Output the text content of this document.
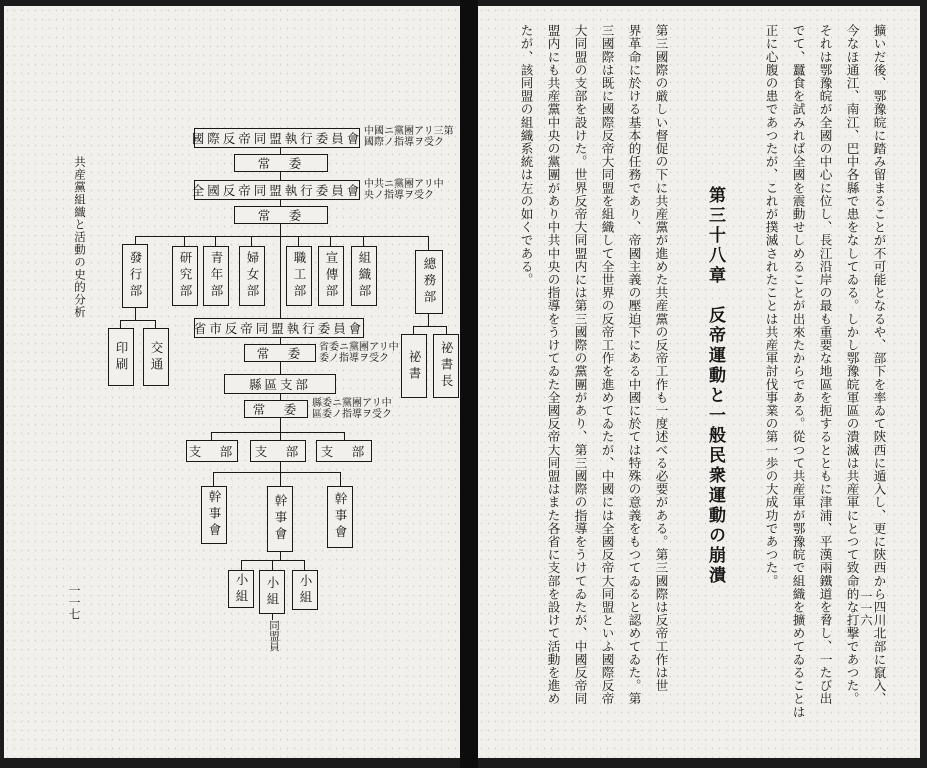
共産黨組織と活動の史的分析
一一七
國際反帝同盟執行委員會 中國ニ黨團アリ三第
國際ノ指導ヲ受ク
常　委
全國反帝同盟執行委員會 中共ニ黨團アリ中
央ノ指導ヲ受ク
常　委
發行部	研究部	青年部	婦女部	職工部	宣傳部	組織部	總務部
印刷	交通	祕書	祕書長
省市反帝同盟執行委員會
常　委	省委ニ黨團アリ中
委ノ指導ヲ受ク
縣區支部
常　委	縣委ニ黨團アリ中
區委ノ指導ヲ受ク
支　部	支　部	支　部
幹事會	幹事會	幹事會
小組	小組	小組
同盟員
一一六
擴いだ後、鄂豫皖に踏み留まることが不可能となるや、部下を率ゐて陝西に遁入し、更に陝西から四川北部に竄入、
今なほ通江、南江、巴中各縣で患をなしてゐる。しかし鄂豫皖軍區の潰滅は共産軍にとつて致命的な打撃であつた。
それは鄂豫皖が全國の中心に位し、長江沿岸の最も重要な地區を扼するとともに津浦、平漢兩鐵道を脅し、一たび出
でて、蠶食を試みれば全國を震動せしめることが出來たからである。從つて共産軍が鄂豫皖で組織を擴めてゐることは
正に心腹の患であつたが、これが撲滅されたことは共産軍討伐事業の第一歩の大成功であつた。
第三十八章　反帝運動と一般民衆運動の崩潰
第三國際の厳しい督促の下に共産黨が進めた共産黨の反帝工作も一度述べる必要がある。第三國際は反帝工作は世
界革命に於ける基本的任務であり、帝國主義の壓迫下にある中國に於ては特殊の意義をもつてゐると認めてゐた。第
三國際は既に國際反帝大同盟を組織して全世界の反帝工作を進めてゐたが、中國には全國反帝大同盟といふ國際反帝
大同盟の支部を設けた。世界反帝大同盟内には第三國際の黨團があり、第三國際の指導をうけてゐたが、中國反帝同
盟内にも共産黨中央の黨團があり中共中央の指導をうけてゐた全國反帝大同盟はまた各省に支部を設けて活動を進め
たが、該同盟の組織系統は左の如くである。
